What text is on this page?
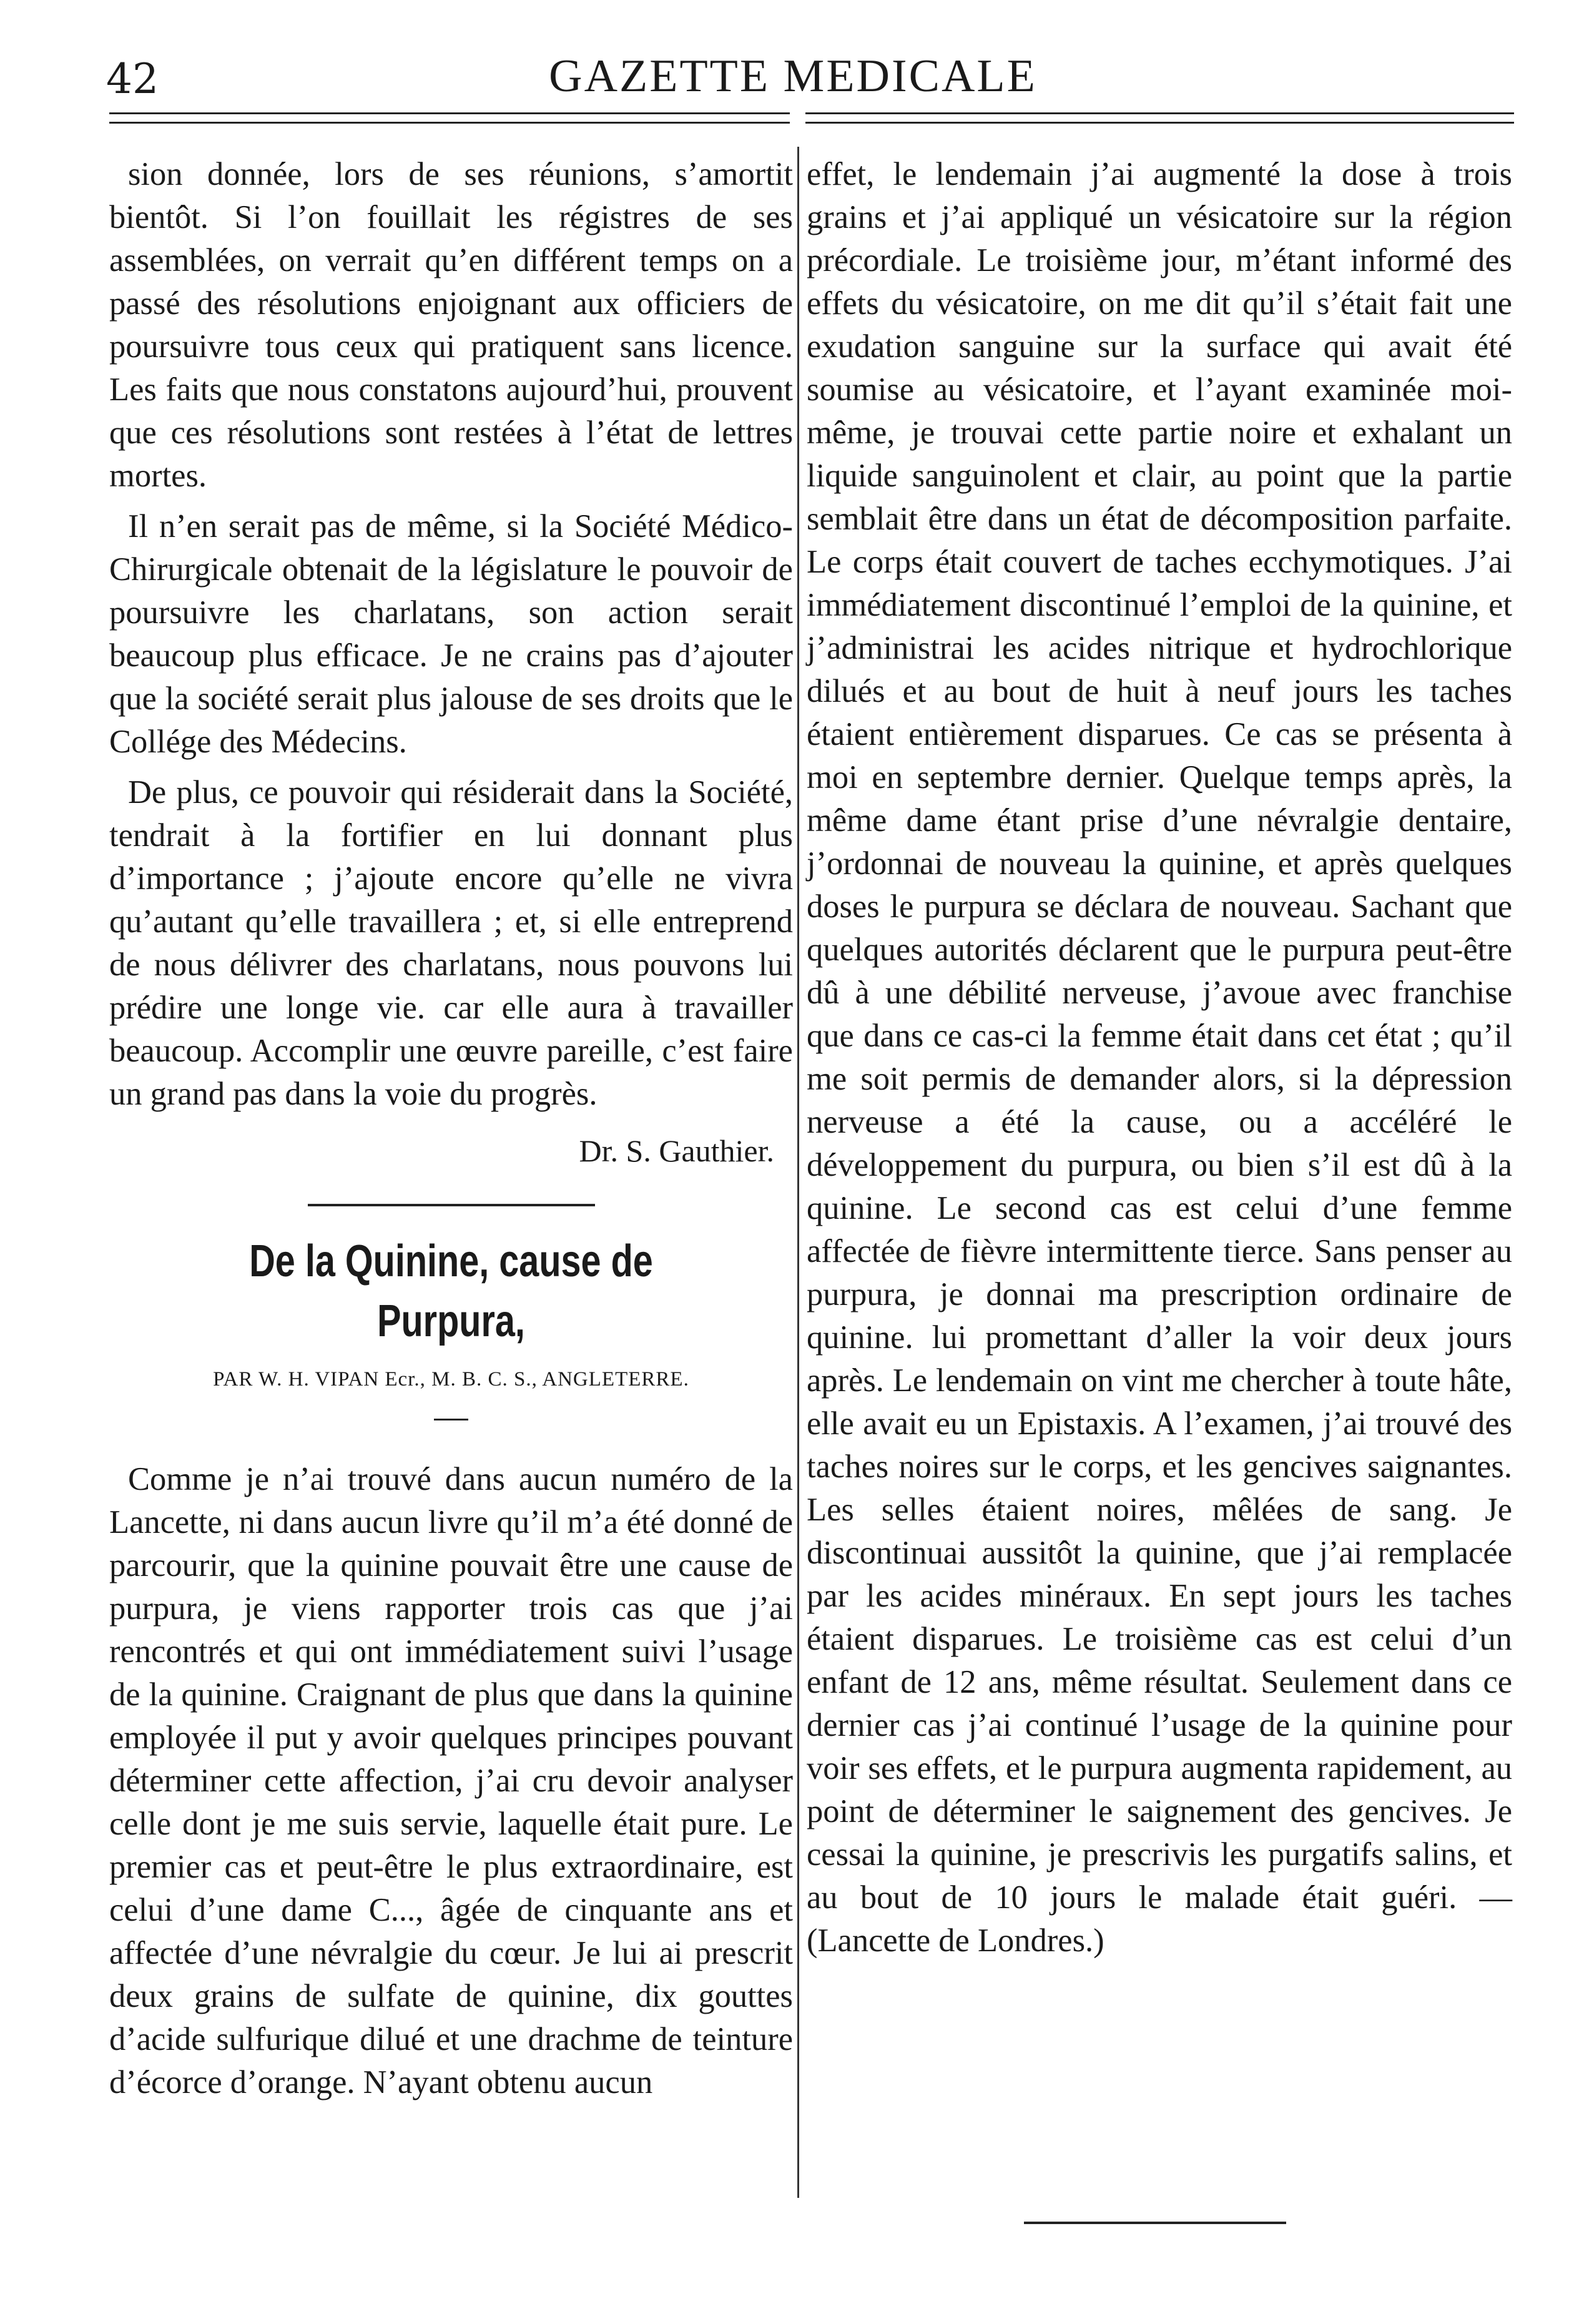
42	GAZETTE MEDICALE

sion donnée, lors de ses réunions, s’amortit bientôt. Si l’on fouillait les régistres de ses assemblées, on verrait qu’en différent temps on a passé des résolutions enjoignant aux officiers de poursuivre tous ceux qui pratiquent sans licence. Les faits que nous constatons aujourd’hui, prouvent que ces résolutions sont restées à l’état de lettres mortes.

Il n’en serait pas de même, si la Société Médico-Chirurgicale obtenait de la législature le pouvoir de poursuivre les charlatans, son action serait beaucoup plus efficace. Je ne crains pas d’ajouter que la société serait plus jalouse de ses droits que le Collége des Médecins.

De plus, ce pouvoir qui résiderait dans la Société, tendrait à la fortifier en lui donnant plus d’importance ; j’ajoute encore qu’elle ne vivra qu’autant qu’elle travaillera ; et, si elle entreprend de nous délivrer des charlatans, nous pouvons lui prédire une longe vie. car elle aura à travailler beaucoup. Accomplir une œuvre pareille, c’est faire un grand pas dans la voie du progrès.

Dr. S. Gauthier.

De la Quinine, cause de Purpura,
PAR W. H. VIPAN Ecr., M. B. C. S., ANGLETERRE.

Comme je n’ai trouvé dans aucun numéro de la Lancette, ni dans aucun livre qu’il m’a été donné de parcourir, que la quinine pouvait être une cause de purpura, je viens rapporter trois cas que j’ai rencontrés et qui ont immédiatement suivi l’usage de la quinine. Craignant de plus que dans la quinine employée il put y avoir quelques principes pouvant déterminer cette affection, j’ai cru devoir analyser celle dont je me suis servie, laquelle était pure. Le premier cas et peut-être le plus extraordinaire, est celui d’une dame C..., âgée de cinquante ans et affectée d’une névralgie du cœur. Je lui ai prescrit deux grains de sulfate de quinine, dix gouttes d’acide sulfurique dilué et une drachme de teinture d’écorce d’orange. N’ayant obtenu aucun

effet, le lendemain j’ai augmenté la dose à trois grains et j’ai appliqué un vésicatoire sur la région précordiale. Le troisième jour, m’étant informé des effets du vésicatoire, on me dit qu’il s’était fait une exudation sanguine sur la surface qui avait été soumise au vésicatoire, et l’ayant examinée moi-même, je trouvai cette partie noire et exhalant un liquide sanguinolent et clair, au point que la partie semblait être dans un état de décomposition parfaite. Le corps était couvert de taches ecchymotiques. J’ai immédiatement discontinué l’emploi de la quinine, et j’administrai les acides nitrique et hydrochlorique dilués et au bout de huit à neuf jours les taches étaient entièrement disparues. Ce cas se présenta à moi en septembre dernier. Quelque temps après, la même dame étant prise d’une névralgie dentaire, j’ordonnai de nouveau la quinine, et après quelques doses le purpura se déclara de nouveau. Sachant que quelques autorités déclarent que le purpura peut-être dû à une débilité nerveuse, j’avoue avec franchise que dans ce cas-ci la femme était dans cet état ; qu’il me soit permis de demander alors, si la dépression nerveuse a été la cause, ou a accéléré le développement du purpura, ou bien s’il est dû à la quinine. Le second cas est celui d’une femme affectée de fièvre intermittente tierce. Sans penser au purpura, je donnai ma prescription ordinaire de quinine. lui promettant d’aller la voir deux jours après. Le lendemain on vint me chercher à toute hâte, elle avait eu un Epistaxis. A l’examen, j’ai trouvé des taches noires sur le corps, et les gencives saignantes. Les selles étaient noires, mêlées de sang. Je discontinuai aussitôt la quinine, que j’ai remplacée par les acides minéraux. En sept jours les taches étaient disparues. Le troisième cas est celui d’un enfant de 12 ans, même résultat. Seulement dans ce dernier cas j’ai continué l’usage de la quinine pour voir ses effets, et le purpura augmenta rapidement, au point de déterminer le saignement des gencives. Je cessai la quinine, je prescrivis les purgatifs salins, et au bout de 10 jours le malade était guéri. — (Lancette de Londres.)
